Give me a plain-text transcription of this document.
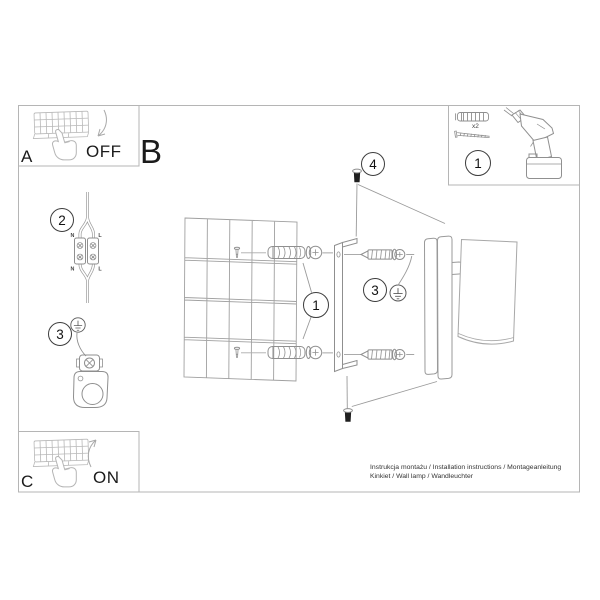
N	L
N	L
A	OFF B
C	ON
1
1
2
3
3
4
x2
Instrukcja montażu / Installation instructions / Montageanleitung
Kinkiet / Wall lamp / Wandleuchter
